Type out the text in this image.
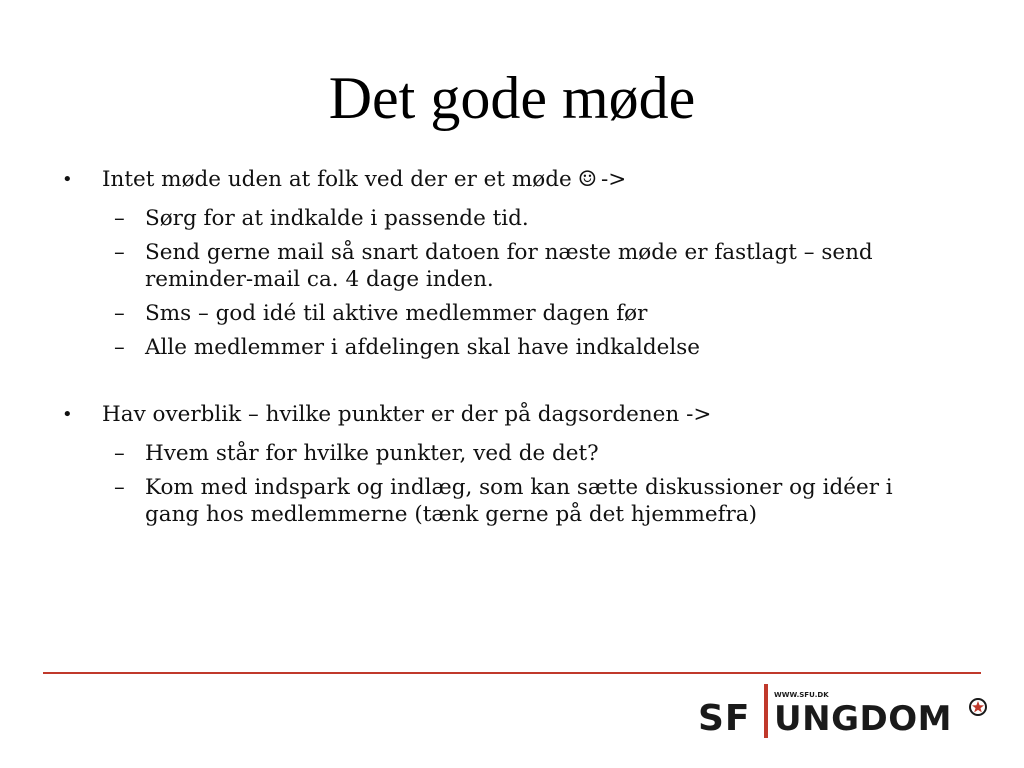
Det gode møde
•	Intet møde uden at folk ved der er et møde ☺ ->
– Sørg for at indkalde i passende tid.
– Send gerne mail så snart datoen for næste møde er fastlagt – send reminder-mail ca. 4 dage inden.
– Sms – god idé til aktive medlemmer dagen før
– Alle medlemmer i afdelingen skal have indkaldelse
•	Hav overblik – hvilke punkter er der på dagsordenen ->
– Hvem står for hvilke punkter, ved de det?
– Kom med indspark og indlæg, som kan sætte diskussioner og idéer i gang hos medlemmerne (tænk gerne på det hjemmefra)
SF
WWW.SFU.DK
UNGDOM
